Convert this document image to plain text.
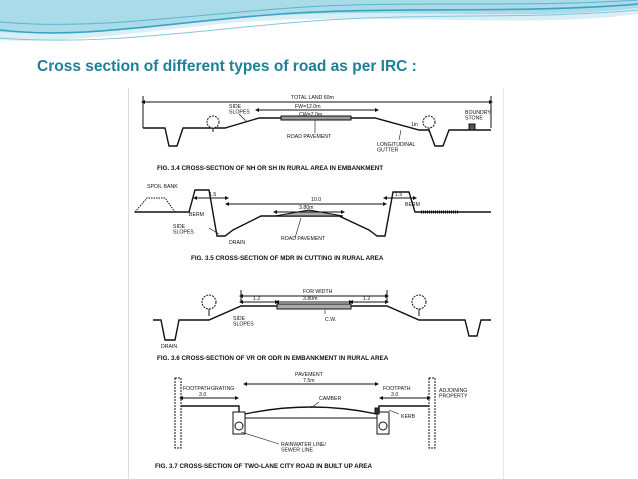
Cross section of different types of road as per IRC :
TOTAL LAND 60m
FW=12.0m
CW=7.0m
SIDE SLOPES
ROAD PAVEMENT
1in
LONGITUDINAL GUTTER
BOUNDRY STONE
FIG. 3.4 CROSS-SECTION OF NH OR SH IN RURAL AREA IN EMBANKMENT
SPOIL BANK
1.5
10.0
3.80m
1.5
BERM
BERM
SIDE SLOPES
DRAIN
ROAD PAVEMENT
FIG. 3.5 CROSS-SECTION OF MDR IN CUTTING IN RURAL AREA
FOR WIDTH
1.2	3.80m	1.2
SIDE SLOPES
C.W.
DRAIN
FIG. 3.6 CROSS-SECTION OF VR OR ODR IN EMBANKMENT IN RURAL AREA
PAVEMENT
7.5m
FOOTPATH GRATING
3.0
CAMBER
FOOTPATH
3.0
ADJOINING PROPERTY
KERB
RAINWATER LINE/ SEWER LINE
FIG. 3.7 CROSS-SECTION OF TWO-LANE CITY ROAD IN BUILT UP AREA
